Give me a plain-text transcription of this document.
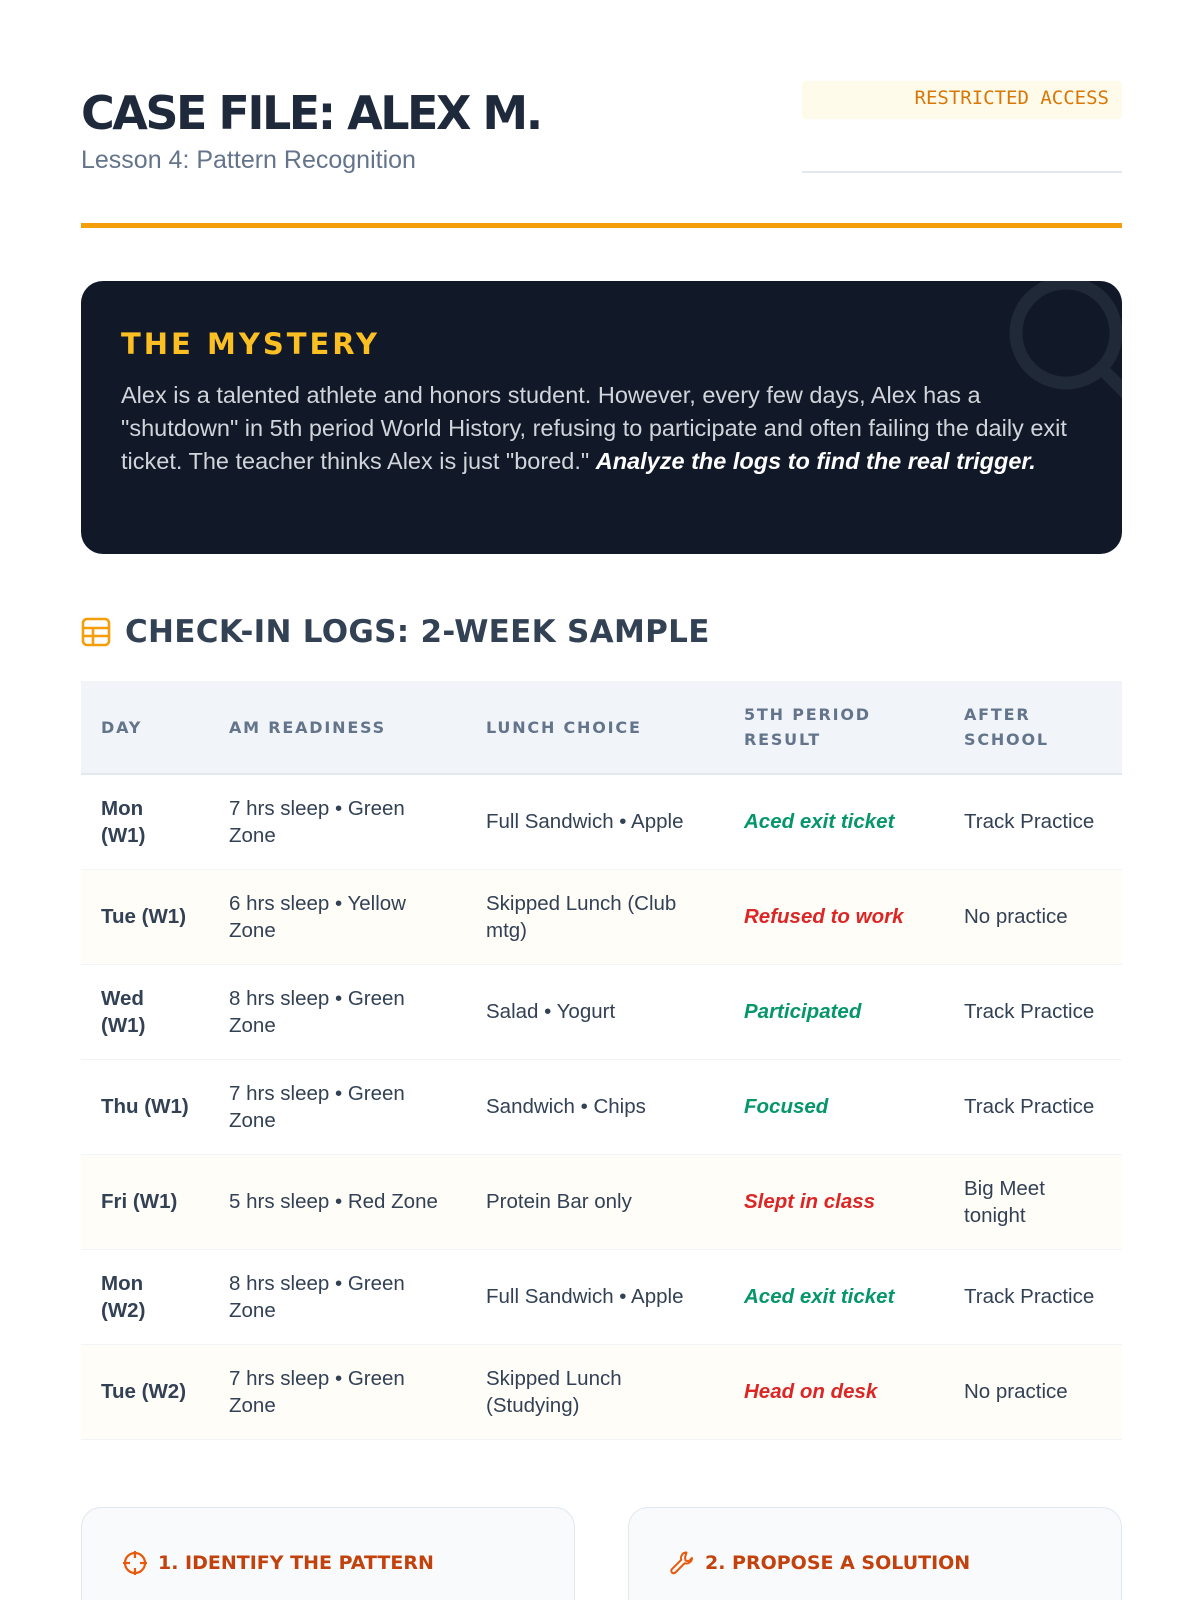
CASE FILE: ALEX M.
Lesson 4: Pattern Recognition
RESTRICTED ACCESS
THE MYSTERY

Alex is a talented athlete and honors student. However, every few days, Alex has a "shutdown" in 5th period World History, refusing to participate and often failing the daily exit ticket. The teacher thinks Alex is just "bored." Analyze the logs to find the real trigger.

CHECK-IN LOGS: 2-WEEK SAMPLE
DAY	AM READINESS	LUNCH CHOICE	5TH PERIOD RESULT	AFTER SCHOOL
Mon (W1)	7 hrs sleep • Green Zone	Full Sandwich • Apple	Aced exit ticket	Track Practice
Tue (W1)	6 hrs sleep • Yellow Zone	Skipped Lunch (Club mtg)	Refused to work	No practice
Wed (W1)	8 hrs sleep • Green Zone	Salad • Yogurt	Participated	Track Practice
Thu (W1)	7 hrs sleep • Green Zone	Sandwich • Chips	Focused	Track Practice
Fri (W1)	5 hrs sleep • Red Zone	Protein Bar only	Slept in class	Big Meet tonight
Mon (W2)	8 hrs sleep • Green Zone	Full Sandwich • Apple	Aced exit ticket	Track Practice
Tue (W2)	7 hrs sleep • Green Zone	Skipped Lunch (Studying)	Head on desk	No practice
1. IDENTIFY THE PATTERN	2. PROPOSE A SOLUTION
